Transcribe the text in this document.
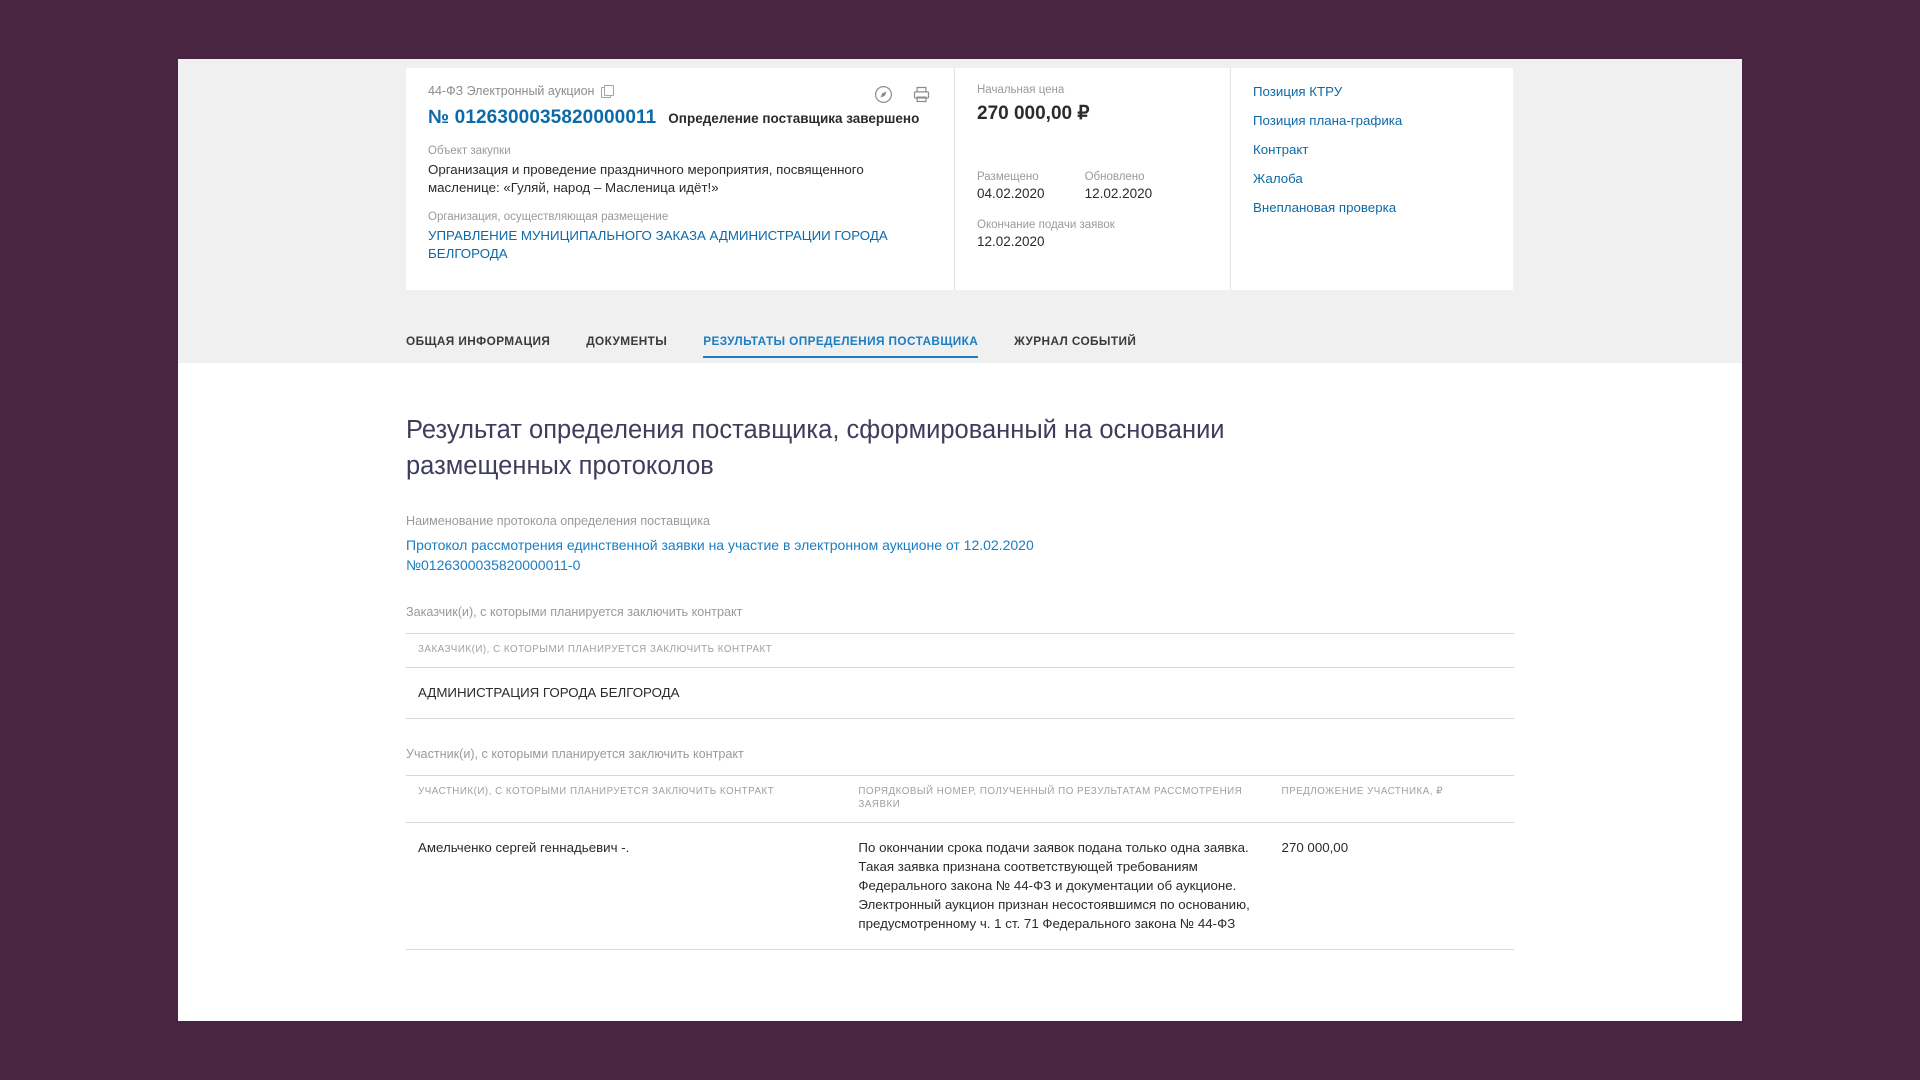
44-ФЗ Электронный аукцион
№ 0126300035820000011 Определение поставщика завершено
Объект закупки
Организация и проведение праздничного мероприятия, посвященного масленице: «Гуляй, народ – Масленица идёт!»
Организация, осуществляющая размещение
УПРАВЛЕНИЕ МУНИЦИПАЛЬНОГО ЗАКАЗА АДМИНИСТРАЦИИ ГОРОДА БЕЛГОРОДА
Начальная цена
270 000,00 ₽
Размещено
04.02.2020
Обновлено
12.02.2020
Окончание подачи заявок
12.02.2020
Позиция КТРУ
Позиция плана-графика
Контракт
Жалоба
Внеплановая проверка
ОБЩАЯ ИНФОРМАЦИЯ	ДОКУМЕНТЫ	РЕЗУЛЬТАТЫ ОПРЕДЕЛЕНИЯ ПОСТАВЩИКА	ЖУРНАЛ СОБЫТИЙ
Результат определения поставщика, сформированный на основании размещенных протоколов
Наименование протокола определения поставщика
Протокол рассмотрения единственной заявки на участие в электронном аукционе от 12.02.2020 №0126300035820000011-0
Заказчик(и), с которыми планируется заключить контракт
ЗАКАЗЧИК(И), С КОТОРЫМИ ПЛАНИРУЕТСЯ ЗАКЛЮЧИТЬ КОНТРАКТ
АДМИНИСТРАЦИЯ ГОРОДА БЕЛГОРОДА
Участник(и), с которыми планируется заключить контракт
УЧАСТНИК(И), С КОТОРЫМИ ПЛАНИРУЕТСЯ ЗАКЛЮЧИТЬ КОНТРАКТ	ПОРЯДКОВЫЙ НОМЕР, ПОЛУЧЕННЫЙ ПО РЕЗУЛЬТАТАМ РАССМОТРЕНИЯ ЗАЯВКИ	ПРЕДЛОЖЕНИЕ УЧАСТНИКА, ₽
Амельченко сергей геннадьевич -.	По окончании срока подачи заявок подана только одна заявка. Такая заявка признана соответствующей требованиям Федерального закона № 44-ФЗ и документации об аукционе. Электронный аукцион признан несостоявшимся по основанию, предусмотренному ч. 1 ст. 71 Федерального закона № 44-ФЗ	270 000,00
